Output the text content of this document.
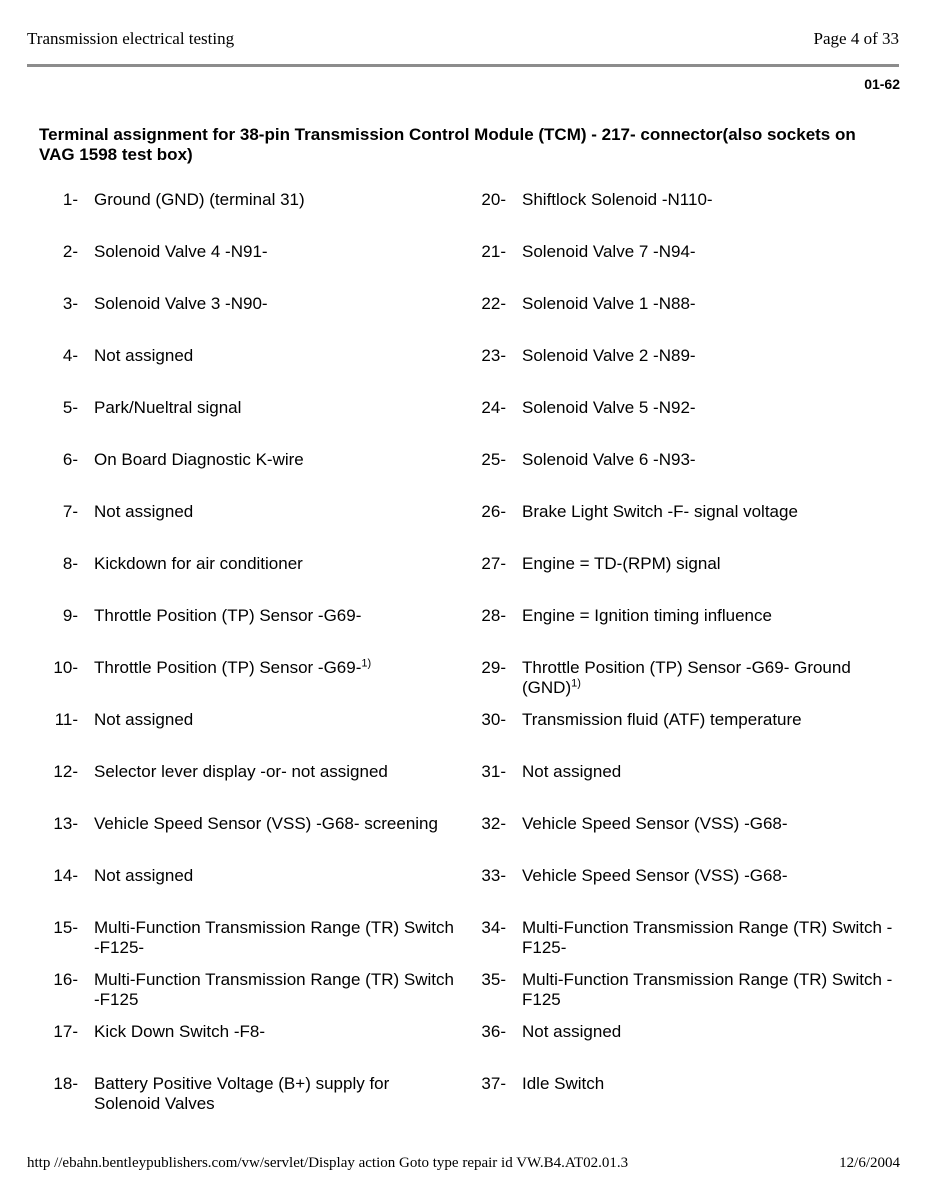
Transmission electrical testing	Page 4 of 33
01-62
Terminal assignment for 38-pin Transmission Control Module (TCM) - 217- connector(also sockets on VAG 1598 test box)
1-	Ground (GND) (terminal 31)	20-	Shiftlock Solenoid -N110-
2-	Solenoid Valve 4 -N91-	21-	Solenoid Valve 7 -N94-
3-	Solenoid Valve 3 -N90-	22-	Solenoid Valve 1 -N88-
4-	Not assigned	23-	Solenoid Valve 2 -N89-
5-	Park/Nueltral signal	24-	Solenoid Valve 5 -N92-
6-	On Board Diagnostic K-wire	25-	Solenoid Valve 6 -N93-
7-	Not assigned	26-	Brake Light Switch -F- signal voltage
8-	Kickdown for air conditioner	27-	Engine = TD-(RPM) signal
9-	Throttle Position (TP) Sensor -G69-	28-	Engine = Ignition timing influence
10-	Throttle Position (TP) Sensor -G69-$^{1)}$	29-	Throttle Position (TP) Sensor -G69- Ground (GND)$^{1)}$
11-	Not assigned	30-	Transmission fluid (ATF) temperature
12-	Selector lever display -or- not assigned	31-	Not assigned
13-	Vehicle Speed Sensor (VSS) -G68- screening	32-	Vehicle Speed Sensor (VSS) -G68-
14-	Not assigned	33-	Vehicle Speed Sensor (VSS) -G68-
15-	Multi-Function Transmission Range (TR) Switch -F125-	34-	Multi-Function Transmission Range (TR) Switch -F125-
16-	Multi-Function Transmission Range (TR) Switch -F125	35-	Multi-Function Transmission Range (TR) Switch -F125
17-	Kick Down Switch -F8-	36-	Not assigned
18-	Battery Positive Voltage (B+) supply for Solenoid Valves	37-	Idle Switch
http //ebahn.bentleypublishers.com/vw/servlet/Display action Goto type repair id VW.B4.AT02.01.3	12/6/2004
